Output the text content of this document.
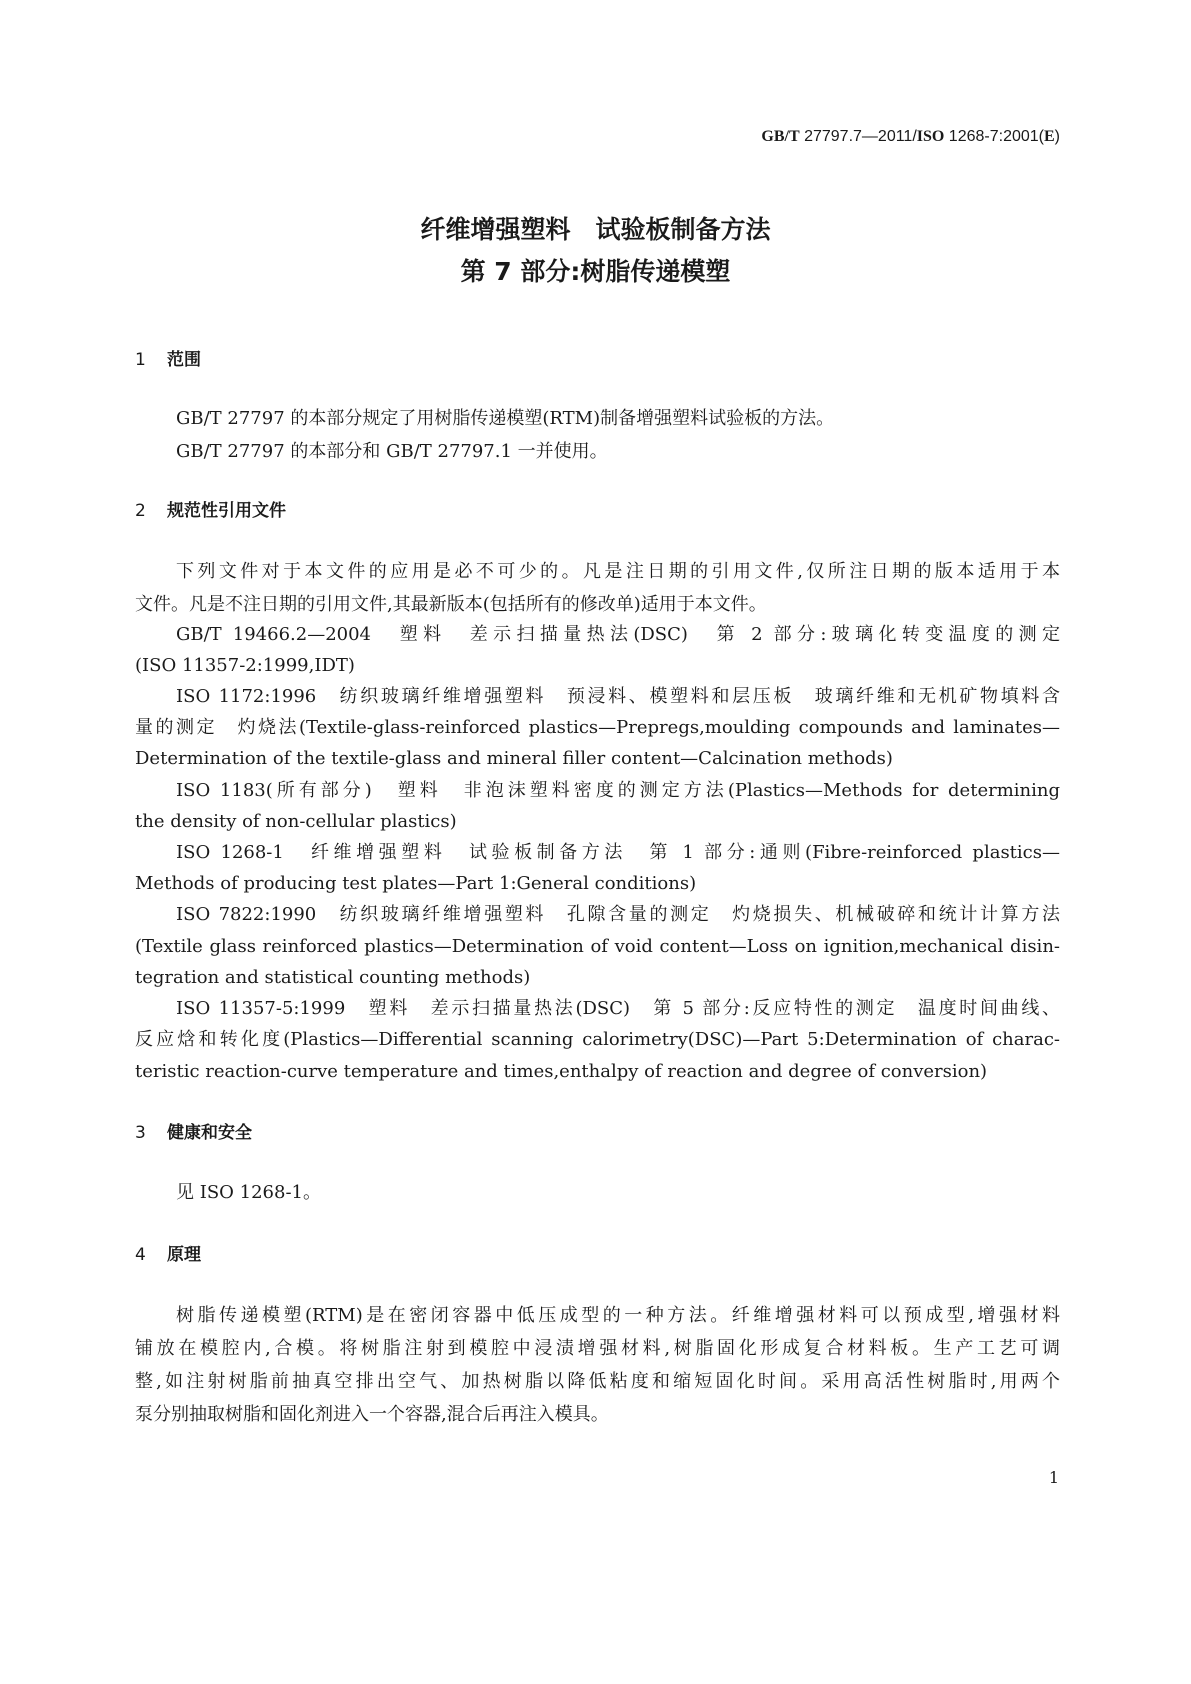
GB/T 27797.7—2011/ISO 1268-7:2001(E)
纤维增强塑料　试验板制备方法
第 7 部分:树脂传递模塑
1 范围
GB/T 27797 的本部分规定了用树脂传递模塑(RTM)制备增强塑料试验板的方法。
GB/T 27797 的本部分和 GB/T 27797.1 一并使用。
2 规范性引用文件
下列文件对于本文件的应用是必不可少的。凡是注日期的引用文件,仅所注日期的版本适用于本
文件。凡是不注日期的引用文件,其最新版本(包括所有的修改单)适用于本文件。
GB/T 19466.2—2004　塑料　差示扫描量热法(DSC)　第 2 部分:玻璃化转变温度的测定
(ISO 11357-2:1999,IDT)
ISO 1172:1996　纺织玻璃纤维增强塑料　预浸料、模塑料和层压板　玻璃纤维和无机矿物填料含
量的测定　灼烧法(Textile-glass-reinforced plastics—Prepregs,moulding compounds and laminates—
Determination of the textile-glass and mineral filler content—Calcination methods)
ISO 1183(所有部分)　塑料　非泡沫塑料密度的测定方法(Plastics—Methods for determining
the density of non-cellular plastics)
ISO 1268-1　纤维增强塑料　试验板制备方法　第 1 部分:通则(Fibre-reinforced plastics—
Methods of producing test plates—Part 1:General conditions)
ISO 7822:1990　纺织玻璃纤维增强塑料　孔隙含量的测定　灼烧损失、机械破碎和统计计算方法
(Textile glass reinforced plastics—Determination of void content—Loss on ignition,mechanical disin-
tegration and statistical counting methods)
ISO 11357-5:1999　塑料　差示扫描量热法(DSC)　第 5 部分:反应特性的测定　温度时间曲线、
反应焓和转化度(Plastics—Differential scanning calorimetry(DSC)—Part 5:Determination of charac-
teristic reaction-curve temperature and times,enthalpy of reaction and degree of conversion)
3 健康和安全
见 ISO 1268-1。
4 原理
树脂传递模塑(RTM)是在密闭容器中低压成型的一种方法。纤维增强材料可以预成型,增强材料
铺放在模腔内,合模。将树脂注射到模腔中浸渍增强材料,树脂固化形成复合材料板。生产工艺可调
整,如注射树脂前抽真空排出空气、加热树脂以降低粘度和缩短固化时间。采用高活性树脂时,用两个
泵分别抽取树脂和固化剂进入一个容器,混合后再注入模具。
1
